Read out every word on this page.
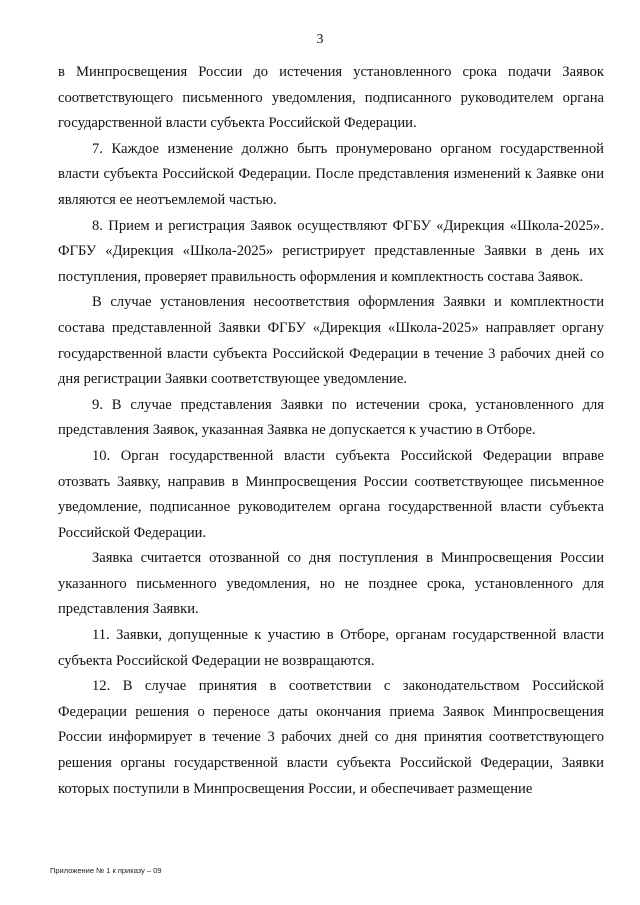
3

в Минпросвещения России до истечения установленного срока подачи Заявок соответствующего письменного уведомления, подписанного руководителем органа государственной власти субъекта Российской Федерации.

7. Каждое изменение должно быть пронумеровано органом государственной власти субъекта Российской Федерации. После представления изменений к Заявке они являются ее неотъемлемой частью.

8. Прием и регистрация Заявок осуществляют ФГБУ «Дирекция «Школа-2025». ФГБУ «Дирекция «Школа-2025» регистрирует представленные Заявки в день их поступления, проверяет правильность оформления и комплектность состава Заявок.

В случае установления несоответствия оформления Заявки и комплектности состава представленной Заявки ФГБУ «Дирекция «Школа-2025» направляет органу государственной власти субъекта Российской Федерации в течение 3 рабочих дней со дня регистрации Заявки соответствующее уведомление.

9. В случае представления Заявки по истечении срока, установленного для представления Заявок, указанная Заявка не допускается к участию в Отборе.

10. Орган государственной власти субъекта Российской Федерации вправе отозвать Заявку, направив в Минпросвещения России соответствующее письменное уведомление, подписанное руководителем органа государственной власти субъекта Российской Федерации.

Заявка считается отозванной со дня поступления в Минпросвещения России указанного письменного уведомления, но не позднее срока, установленного для представления Заявки.

11. Заявки, допущенные к участию в Отборе, органам государственной власти субъекта Российской Федерации не возвращаются.

12. В случае принятия в соответствии с законодательством Российской Федерации решения о переносе даты окончания приема Заявок Минпросвещения России информирует в течение 3 рабочих дней со дня принятия соответствующего решения органы государственной власти субъекта Российской Федерации, Заявки которых поступили в Минпросвещения России, и обеспечивает размещение

Приложение № 1 к приказу – 09
